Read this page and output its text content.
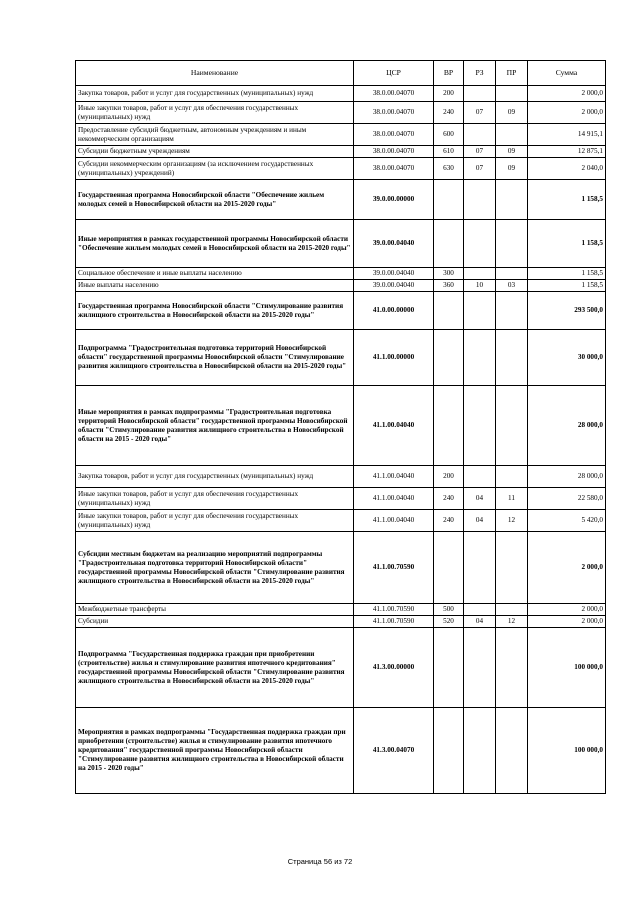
Наименование	ЦСР	ВР	РЗ	ПР	Сумма
Закупка товаров, работ и услуг для государственных (муниципальных) нужд	38.0.00.04070	200			2 000,0
Иные закупки товаров, работ и услуг для обеспечения государственных (муниципальных) нужд	38.0.00.04070	240	07	09	2 000,0
Предоставление субсидий бюджетным, автономным учреждениям и иным некоммерческим организациям	38.0.00.04070	600			14 915,1
Субсидии бюджетным учреждениям	38.0.00.04070	610	07	09	12 875,1
Субсидии некоммерческим организациям (за исключением государственных (муниципальных) учреждений)	38.0.00.04070	630	07	09	2 040,0
Государственная программа Новосибирской области "Обеспечение жильем молодых семей в Новосибирской области на 2015-2020 годы"	39.0.00.00000				1 158,5
Иные мероприятия в рамках государственной программы Новосибирской области "Обеспечение жильем молодых семей в Новосибирской области на 2015-2020 годы"	39.0.00.04040				1 158,5
Социальное обеспечение и иные выплаты населению	39.0.00.04040	300			1 158,5
Иные выплаты населению	39.0.00.04040	360	10	03	1 158,5
Государственная программа Новосибирской области "Стимулирование развития жилищного строительства в Новосибирской области на 2015-2020 годы"	41.0.00.00000				293 500,0
Подпрограмма "Градостроительная подготовка территорий Новосибирской области" государственной программы Новосибирской области "Стимулирование развития жилищного строительства в Новосибирской области на 2015-2020 годы"	41.1.00.00000				30 000,0
Иные мероприятия в рамках подпрограммы "Градостроительная подготовка территорий Новосибирской области" государственной программы Новосибирской области "Стимулирование развития жилищного строительства в Новосибирской области на 2015 - 2020 годы"	41.1.00.04040				28 000,0
Закупка товаров, работ и услуг для государственных (муниципальных) нужд	41.1.00.04040	200			28 000,0
Иные закупки товаров, работ и услуг для обеспечения государственных (муниципальных) нужд	41.1.00.04040	240	04	11	22 580,0
Иные закупки товаров, работ и услуг для обеспечения государственных (муниципальных) нужд	41.1.00.04040	240	04	12	5 420,0
Субсидии местным бюджетам на реализацию мероприятий подпрограммы "Градостроительная подготовка территорий Новосибирской области" государственной программы Новосибирской области "Стимулирование развития жилищного строительства в Новосибирской области на 2015-2020 годы"	41.1.00.70590				2 000,0
Межбюджетные трансферты	41.1.00.70590	500			2 000,0
Субсидии	41.1.00.70590	520	04	12	2 000,0
Подпрограмма "Государственная поддержка граждан при приобретении (строительстве) жилья и стимулирование развития ипотечного кредитования" государственной программы Новосибирской области "Стимулирование развития жилищного строительства в Новосибирской области на 2015-2020 годы"	41.3.00.00000				100 000,0
Мероприятия в рамках подпрограммы "Государственная поддержка граждан при приобретении (строительстве) жилья и стимулирование развития ипотечного кредитования" государственной программы Новосибирской области "Стимулирование развития жилищного строительства в Новосибирской области на 2015 - 2020 годы"	41.3.00.04070				100 000,0
Страница 56 из 72
